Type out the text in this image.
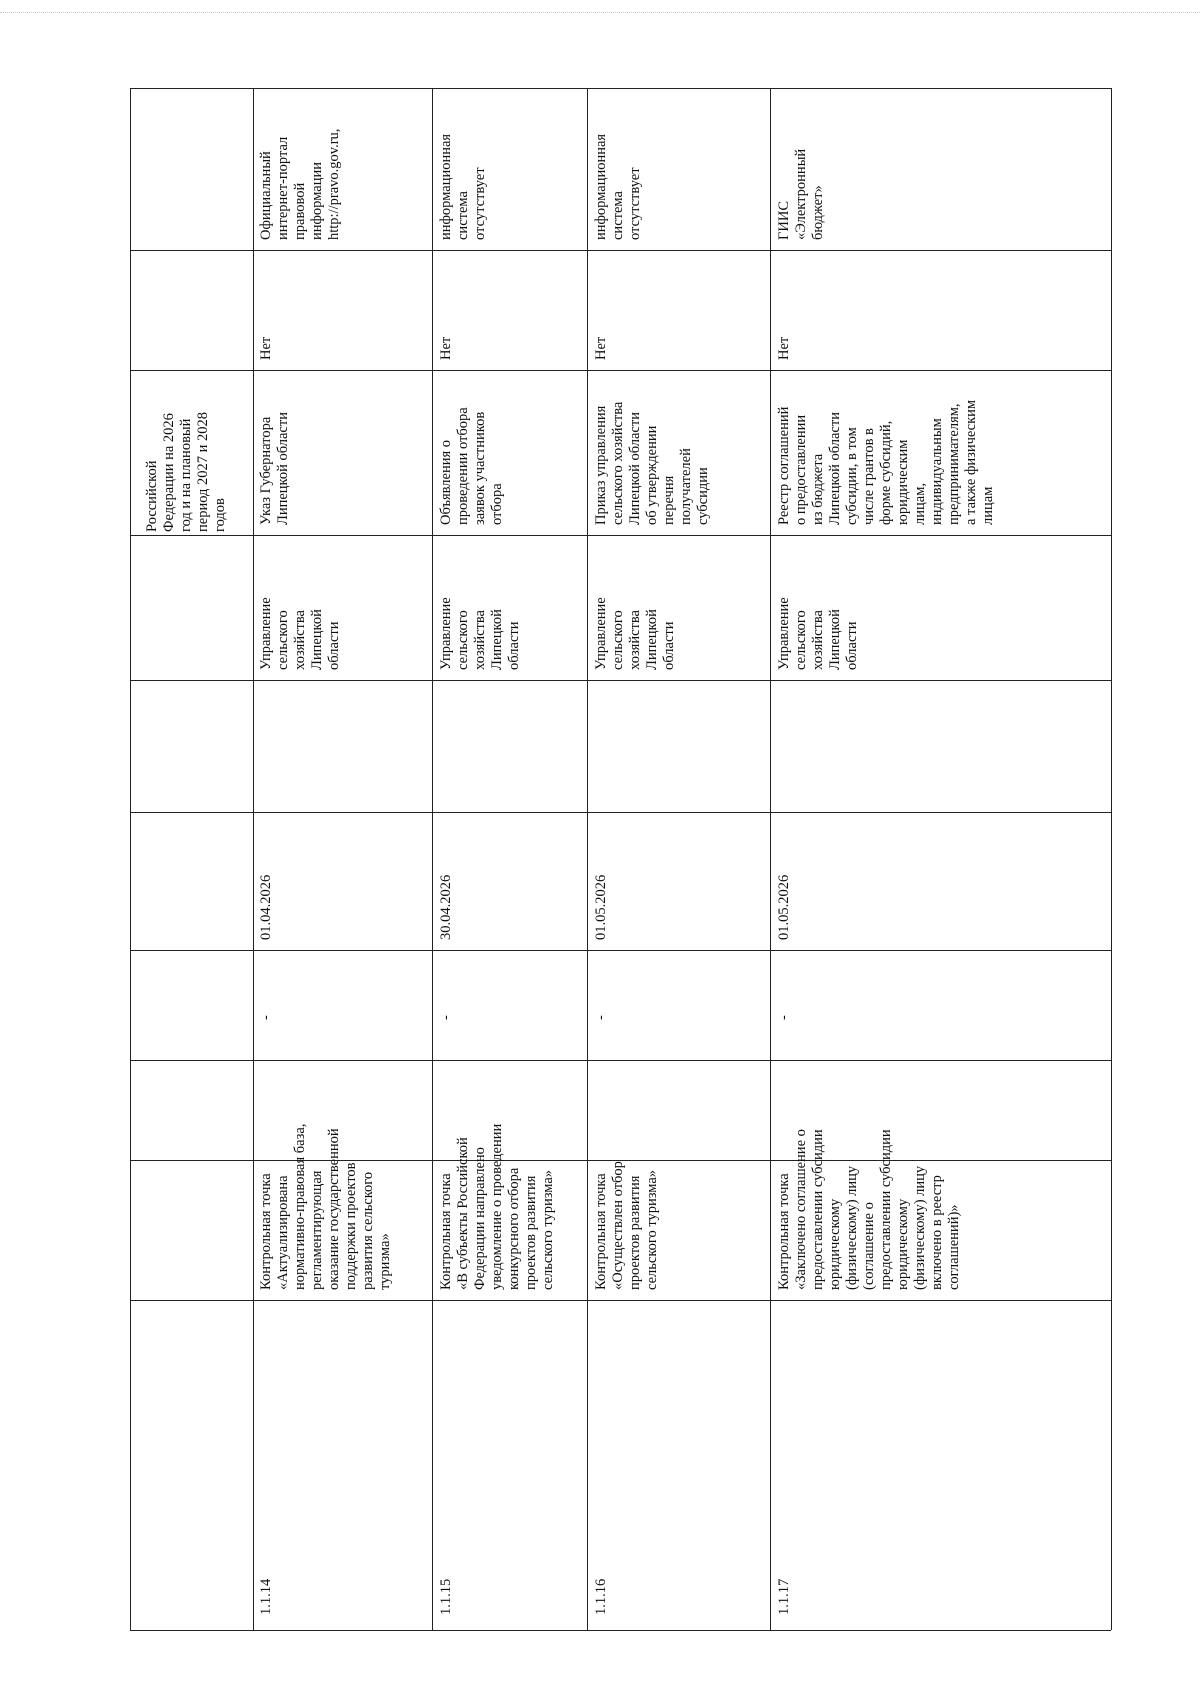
Российской
Федерации на 2026
год и на плановый
период 2027 и 2028
годов
1.1.14
Контрольная точка
«Актуализирована
нормативно-правовая база,
регламентирующая
оказание государственной
поддержки проектов
развития сельского
туризма»
-
01.04.2026
Управление
сельского
хозяйства
Липецкой
области
Указ Губернатора
Липецкой области
Нет
Официальный
интернет-портал
правовой
информации
http://pravo.gov.ru,
1.1.15
Контрольная точка
«В субъекты Российской
Федерации направлено
уведомление о проведении
конкурсного отбора
проектов развития
сельского туризма»
-
30.04.2026
Управление
сельского
хозяйства
Липецкой
области
Объявления о
проведении отбора
заявок участников
отбора
Нет
информационная
система
отсутствует
1.1.16
Контрольная точка
«Осуществлен отбор
проектов развития
сельского туризма»
-
01.05.2026
Управление
сельского
хозяйства
Липецкой
области
Приказ управления
сельского хозяйства
Липецкой области
об утверждении
перечня
получателей
субсидии
Нет
информационная
система
отсутствует
1.1.17
Контрольная точка
«Заключено соглашение о
предоставлении субсидии
юридическому
(физическому) лицу
(соглашение о
предоставлении субсидии
юридическому
(физическому) лицу
включено в реестр
соглашений)»
-
01.05.2026
Управление
сельского
хозяйства
Липецкой
области
Реестр соглашений
о предоставлении
из бюджета
Липецкой области
субсидии, в том
числе грантов в
форме субсидий,
юридическим
лицам,
индивидуальным
предпринимателям,
а также физическим
лицам
Нет
ГИИС
«Электронный
бюджет»
